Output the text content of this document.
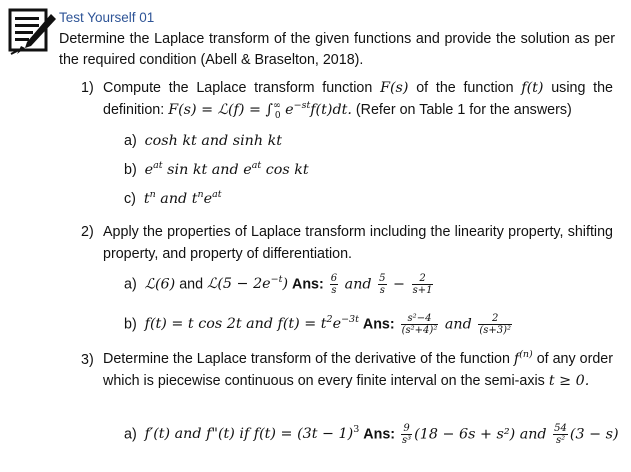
Test Yourself 01
Determine the Laplace transform of the given functions and provide the solution as per the required condition (Abell & Braselton, 2018).
1) Compute the Laplace transform function F(s) of the function f(t) using the definition: F(s) = ℒ(f) = $\int^\infty_0$ $e^{-st}f(t)dt$. (Refer on Table 1 for the answers)
a) cosh kt and sinh kt
b) $e^{at}$ sin kt and $e^{at}$ cos kt
c) $t^n$ and $t^ne^{at}$
2) Apply the properties of Laplace transform including the linearity property, shifting property, and property of differentiation.
a) ℒ(6) and ℒ(5 − $2e^{-t}$) Ans: $\frac{6}{s}$ and $\frac{5}{s} - \frac{2}{s+1}$
b) f(t) = t cos 2t and $f(t) = t^2e^{-3t}$ Ans: $\frac{\text{s²−4}}{\text{(s²+4)²}}$ and $\frac{2}{\text{(s+3)²}}$
3) Determine the Laplace transform of the derivative of the function $f^{(n)}$ of any order which is piecewise continuous on every finite interval on the semi-axis t ≥ 0.
a) f′(t) and f"(t) if $f(t) = (3t - 1)^3$ Ans: $\frac{9}{\text{s³}} (18 - 6s + s^2)$ and $\frac{54}{\text{s²}} (3 - s)$
